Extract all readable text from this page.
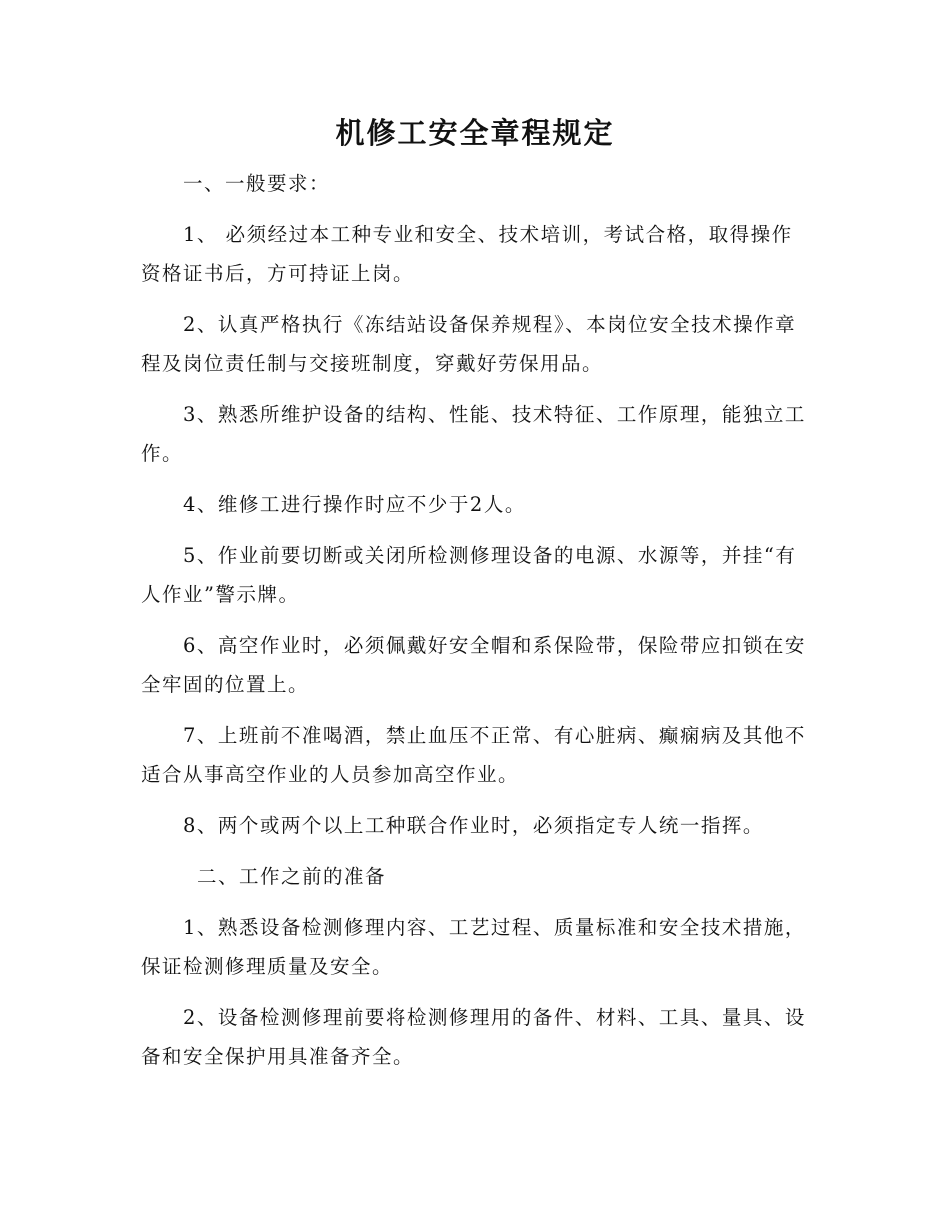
机修工安全章程规定

一、一般要求：

1、 必须经过本工种专业和安全、技术培训，考试合格，取得操作资格证书后，方可持证上岗。

2、认真严格执行《冻结站设备保养规程》、本岗位安全技术操作章程及岗位责任制与交接班制度，穿戴好劳保用品。

3、熟悉所维护设备的结构、性能、技术特征、工作原理，能独立工作。

4、维修工进行操作时应不少于2人。

5、作业前要切断或关闭所检测修理设备的电源、水源等，并挂“有人作业”警示牌。

6、高空作业时，必须佩戴好安全帽和系保险带，保险带应扣锁在安全牢固的位置上。

7、上班前不准喝酒，禁止血压不正常、有心脏病、癫痫病及其他不适合从事高空作业的人员参加高空作业。

8、两个或两个以上工种联合作业时，必须指定专人统一指挥。

二、工作之前的准备

1、熟悉设备检测修理内容、工艺过程、质量标准和安全技术措施，保证检测修理质量及安全。

2、设备检测修理前要将检测修理用的备件、材料、工具、量具、设备和安全保护用具准备齐全。
